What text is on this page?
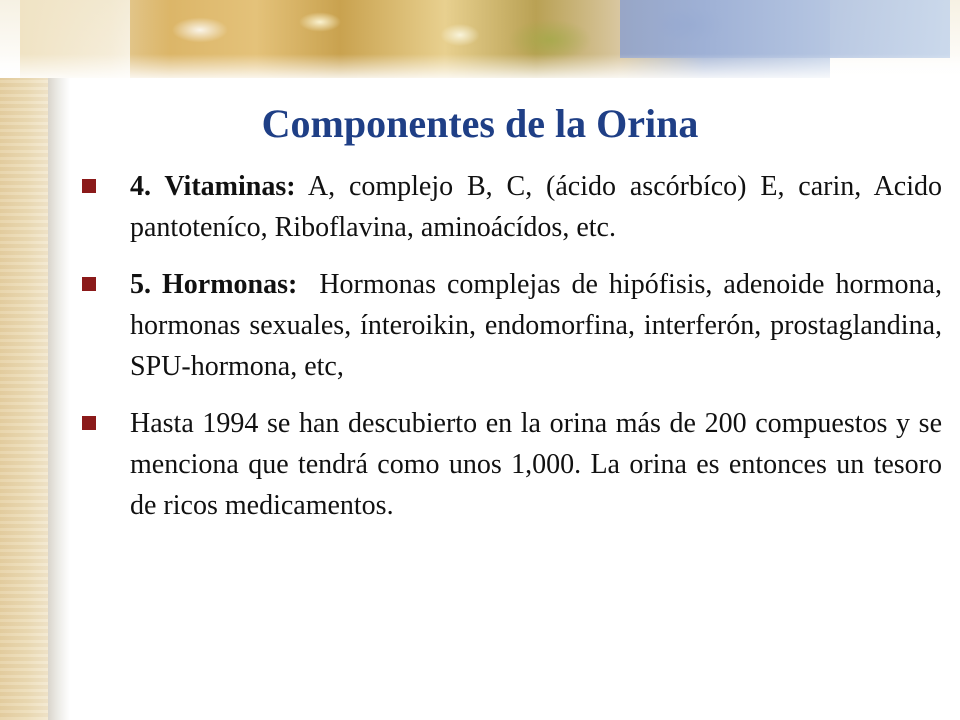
Componentes de la Orina
4. Vitaminas: A, complejo B, C, (ácido ascórbíco) E, carin, Acido pantoteníco, Riboflavina, aminoácídos, etc.
5. Hormonas:  Hormonas complejas de hipófisis, adenoide hormona, hormonas sexuales, ínteroikin, endomorfina, interferón, prostaglandina, SPU-hormona, etc,
Hasta 1994 se han descubierto en la orina más de 200 compuestos y se menciona que tendrá como unos 1,000. La orina es entonces un tesoro de ricos medicamentos.
